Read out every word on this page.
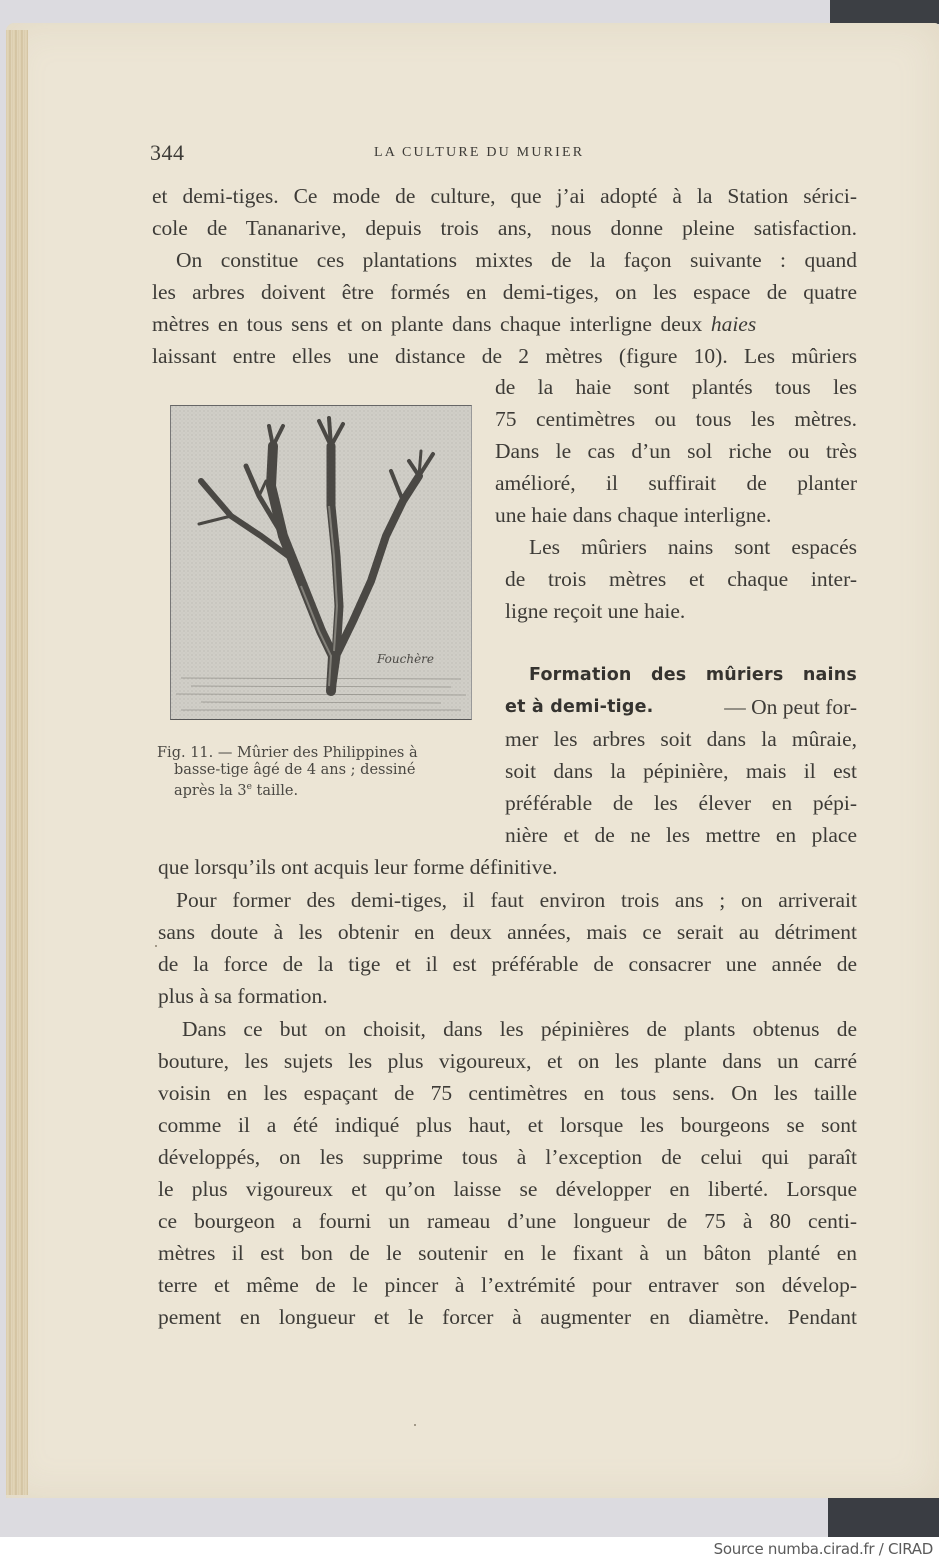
344	LA CULTURE DU MURIER
et demi-tiges. Ce mode de culture, que j’ai adopté à la Station sérici-
cole de Tananarive, depuis trois ans, nous donne pleine satisfaction.
On constitue ces plantations mixtes de la façon suivante : quand
les arbres doivent être formés en demi-tiges, on les espace de quatre
mètres en tous sens et on plante dans chaque interligne deux haies
laissant entre elles une distance de 2 mètres (figure 10). Les mûriers
de la haie sont plantés tous les
75 centimètres ou tous les mètres.
Dans le cas d’un sol riche ou très
amélioré, il suffirait de planter
une haie dans chaque interligne.
Les mûriers nains sont espacés
de trois mètres et chaque inter-
ligne reçoit une haie.
Formation des mûriers nains
et à demi-tige.	— On peut for-
mer les arbres soit dans la mûraie,
soit dans la pépinière, mais il est
préférable de les élever en pépi-
nière et de ne les mettre en place
que lorsqu’ils ont acquis leur forme définitive.
Fouchère
Fig. 11. — Mûrier des Philippines à
basse-tige âgé de 4 ans ; dessiné
après la 3e taille.
Pour former des demi-tiges, il faut environ trois ans ; on arriverait
sans doute à les obtenir en deux années, mais ce serait au détriment
de la force de la tige et il est préférable de consacrer une année de
plus à sa formation.
Dans ce but on choisit, dans les pépinières de plants obtenus de
bouture, les sujets les plus vigoureux, et on les plante dans un carré
voisin en les espaçant de 75 centimètres en tous sens. On les taille
comme il a été indiqué plus haut, et lorsque les bourgeons se sont
développés, on les supprime tous à l’exception de celui qui paraît
le plus vigoureux et qu’on laisse se développer en liberté. Lorsque
ce bourgeon a fourni un rameau d’une longueur de 75 à 80 centi-
mètres il est bon de le soutenir en le fixant à un bâton planté en
terre et même de le pincer à l’extrémité pour entraver son dévelop-
pement en longueur et le forcer à augmenter en diamètre. Pendant
Source numba.cirad.fr / CIRAD
